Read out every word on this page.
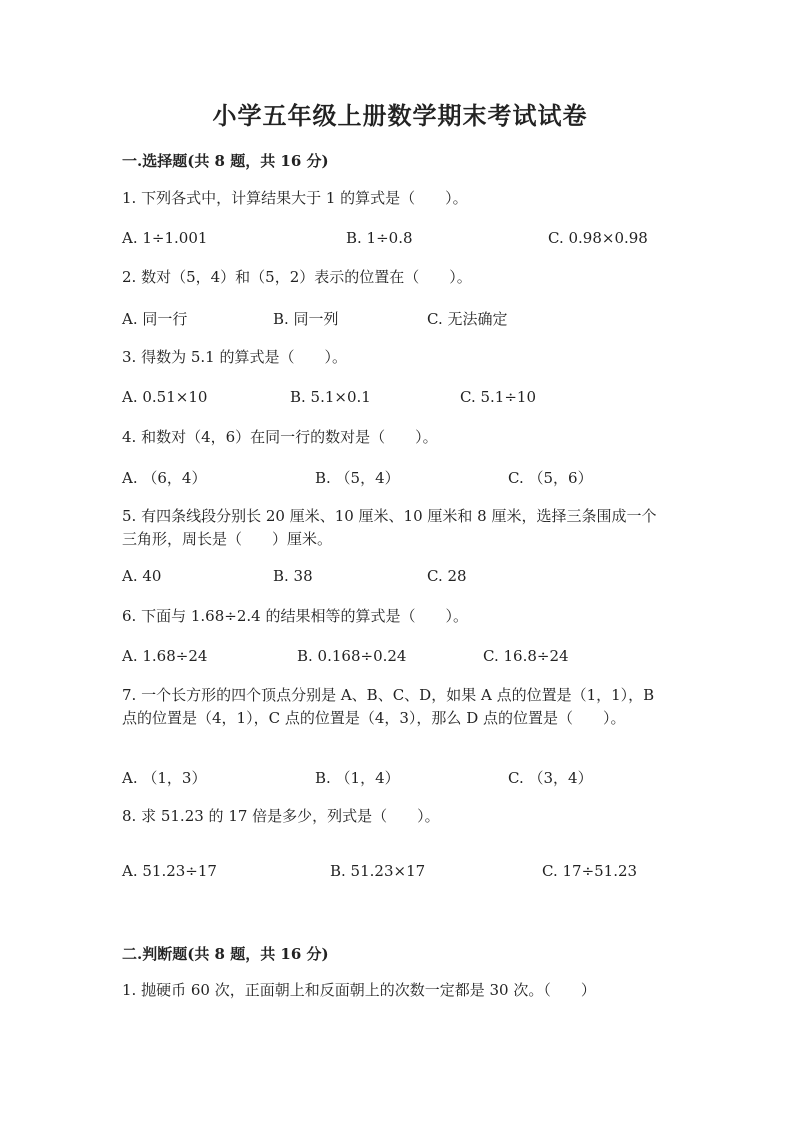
小学五年级上册数学期末考试试卷
一.选择题(共 8 题，共 16 分)
1. 下列各式中，计算结果大于 1 的算式是（　　）。
A. 1÷1.001	B. 1÷0.8	C. 0.98×0.98
2. 数对（5，4）和（5，2）表示的位置在（　　）。
A. 同一行	B. 同一列	C. 无法确定
3. 得数为 5.1 的算式是（　　）。
A. 0.51×10	B. 5.1×0.1	C. 5.1÷10
4. 和数对（4，6）在同一行的数对是（　　）。
A. （6，4）	B. （5，4）	C. （5，6）
5. 有四条线段分别长 20 厘米、10 厘米、10 厘米和 8 厘米，选择三条围成一个
三角形，周长是（　　）厘米。
A. 40	B. 38	C. 28
6. 下面与 1.68÷2.4 的结果相等的算式是（　　）。
A. 1.68÷24	B. 0.168÷0.24	C. 16.8÷24
7. 一个长方形的四个顶点分别是 A、B、C、D，如果 A 点的位置是（1，1），B
点的位置是（4，1），C 点的位置是（4，3），那么 D 点的位置是（　　）。
A. （1，3）	B. （1，4）	C. （3，4）
8. 求 51.23 的 17 倍是多少，列式是（　　）。
A. 51.23÷17	B. 51.23×17	C. 17÷51.23
二.判断题(共 8 题，共 16 分)
1. 抛硬币 60 次，正面朝上和反面朝上的次数一定都是 30 次。（　　）
